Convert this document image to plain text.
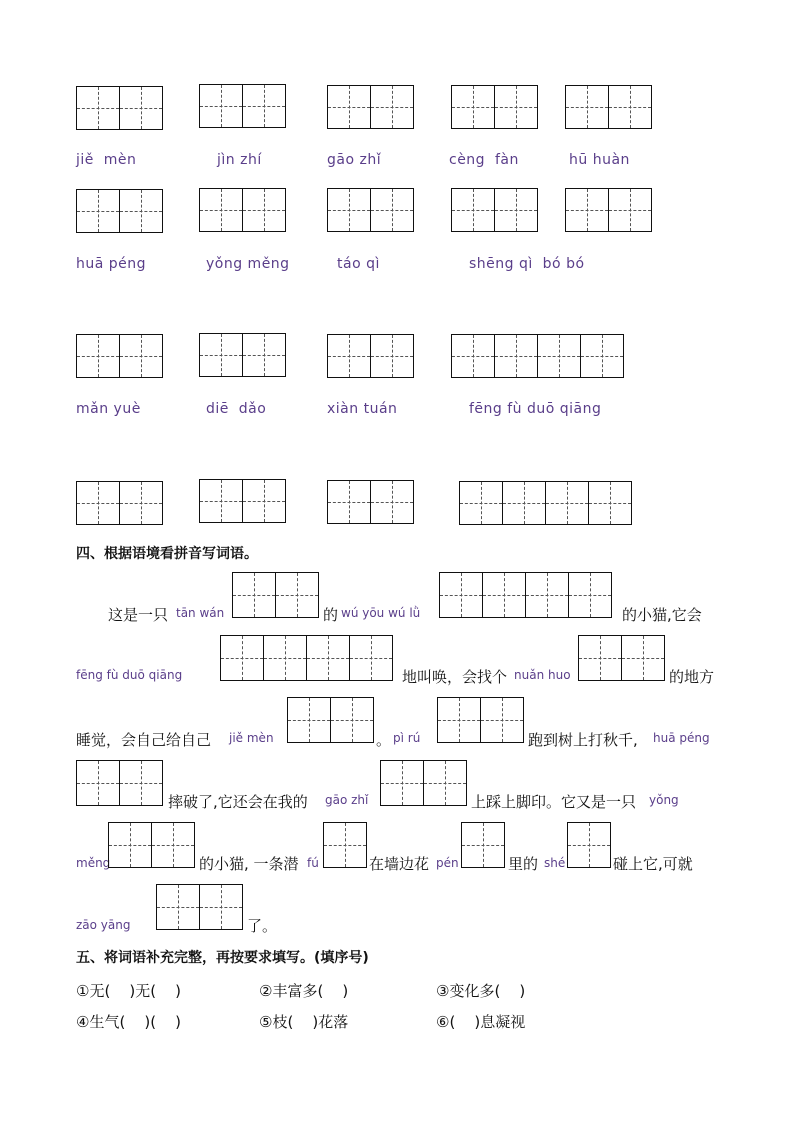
jiě  mèn	jìn zhí	gāo zhǐ	cèng  fàn	hū huàn
huā péng	yǒng měng	táo qì	shēng qì  bó bó
mǎn yuè	diē  dǎo	xiàn tuán	fēng fù duō qiāng
四、根据语境看拼音写词语。
这是一只 tān wán	的 wú yōu wú lǜ	的小猫,它会
fēng fù duō qiāng	地叫唤，会找个 nuǎn huo	的地方
睡觉，会自己给自己 jiě mèn	。 pì rú	跑到树上打秋千, huā péng
摔破了,它还会在我的 gāo zhǐ	上踩上脚印。它又是一只 yǒng
měng	的小猫, 一条潜 fú	在墙边花 pén	里的 shé	碰上它,可就
zāo yāng	了。
五、将词语补充完整，再按要求填写。(填序号)
①无(    )无(    )	②丰富多(    )	③变化多(    )
④生气(    )(    )	⑤枝(    )花落	⑥(    )息凝视
